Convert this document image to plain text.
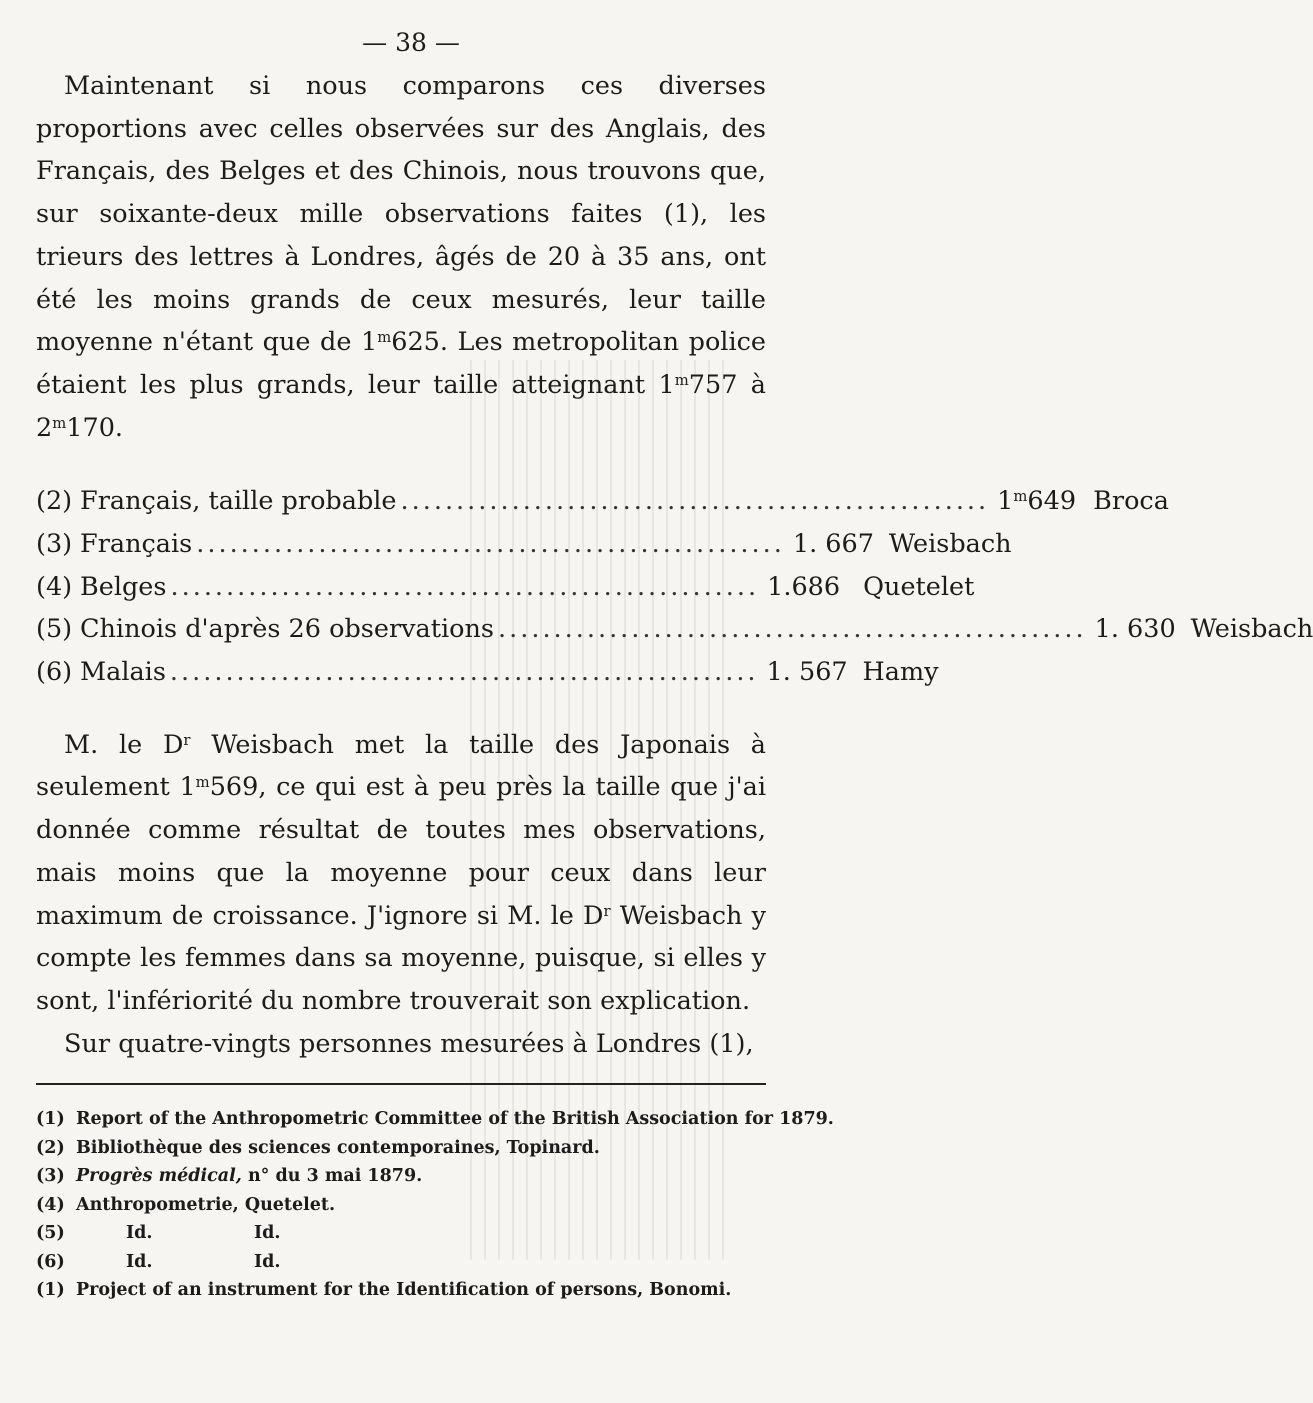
— 38 —

Maintenant si nous comparons ces diverses proportions avec celles observées sur des Anglais, des Français, des Belges et des Chinois, nous trouvons que, sur soixante-deux mille observations faites (1), les trieurs des lettres à Londres, âgés de 20 à 35 ans, ont été les moins grands de ceux mesurés, leur taille moyenne n'étant que de 1$^m$625. Les metropolitan police étaient les plus grands, leur taille atteignant 1$^m$757 à 2$^m$170.

(2) Français, taille probable ..................................................... 1$^m$649 Broca
(3) Français ..................................................... 1. 667 Weisbach
(4) Belges ..................................................... 1.686 Quetelet
(5) Chinois d'après 26 observations ..................................................... 1. 630 Weisbach
(6) Malais ..................................................... 1. 567 Hamy

M. le $D^r$ Weisbach met la taille des Japonais à seulement 1$^m$569, ce qui est à peu près la taille que j'ai donnée comme résultat de toutes mes observations, mais moins que la moyenne pour ceux dans leur maximum de croissance. J'ignore si M. le $D^r$ Weisbach y compte les femmes dans sa moyenne, puisque, si elles y sont, l'infériorité du nombre trouverait son explication.

Sur quatre-vingts personnes mesurées à Londres (1),

(1) Report of the Anthropometric Committee of the British Association for 1879.
(2) Bibliothèque des sciences contemporaines, Topinard.
(3) Progrès médical, n° du 3 mai 1879.
(4) Anthropometrie, Quetelet.
(5)	Id.	Id.
(6)	Id.	Id.
(1) Project of an instrument for the Identification of persons, Bonomi.
